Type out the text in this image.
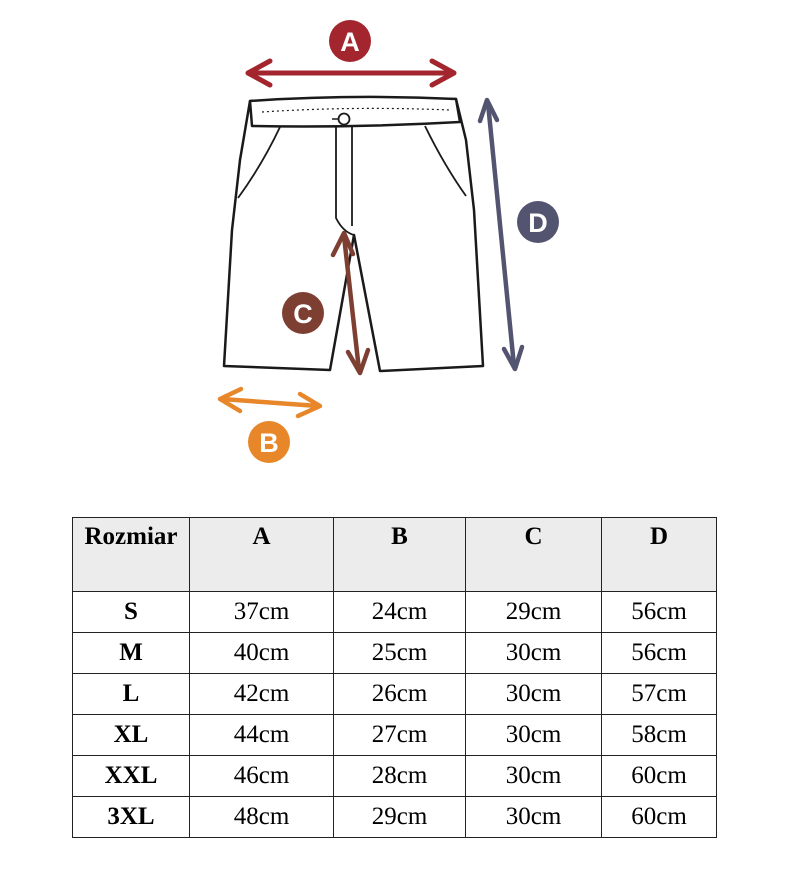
A
B
C
D
Rozmiar	A	B	C	D
S	37cm	24cm	29cm	56cm
M	40cm	25cm	30cm	56cm
L	42cm	26cm	30cm	57cm
XL	44cm	27cm	30cm	58cm
XXL	46cm	28cm	30cm	60cm
3XL	48cm	29cm	30cm	60cm
